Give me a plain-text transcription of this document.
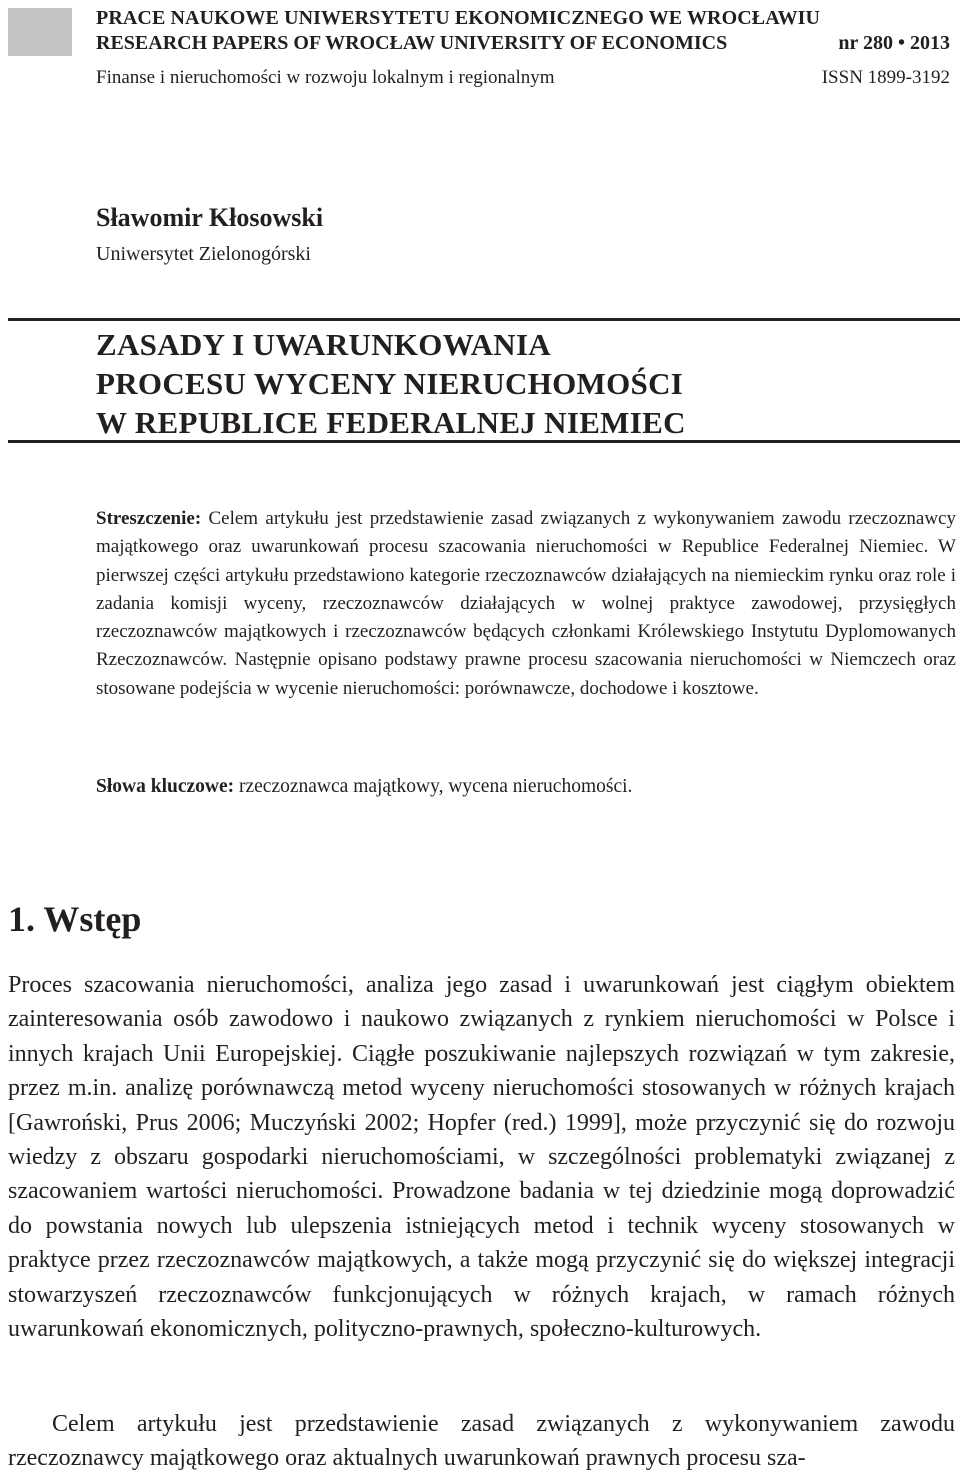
PRACE NAUKOWE UNIWERSYTETU EKONOMICZNEGO WE WROCŁAWIU
RESEARCH PAPERS OF WROCŁAW UNIVERSITY OF ECONOMICS	nr 280 • 2013
Finanse i nieruchomości w rozwoju lokalnym i regionalnym	ISSN 1899-3192
Sławomir Kłosowski
Uniwersytet Zielonogórski
ZASADY I UWARUNKOWANIA
PROCESU WYCENY NIERUCHOMOŚCI
W REPUBLICE FEDERALNEJ NIEMIEC

Streszczenie: Celem artykułu jest przedstawienie zasad związanych z wykonywaniem zawodu rzeczoznawcy majątkowego oraz uwarunkowań procesu szacowania nieruchomości w Republice Federalnej Niemiec. W pierwszej części artykułu przedstawiono kategorie rzeczoznawców działających na niemieckim rynku oraz role i zadania komisji wyceny, rzeczoznawców działających w wolnej praktyce zawodowej, przysięgłych rzeczoznawców majątkowych i rzeczoznawców będących członkami Królewskiego Instytutu Dyplomowanych Rzeczoznawców. Następnie opisano podstawy prawne procesu szacowania nieruchomości w Niemczech oraz stosowane podejścia w wycenie nieruchomości: porównawcze, dochodowe i kosztowe.

Słowa kluczowe: rzeczoznawca majątkowy, wycena nieruchomości.

1. Wstęp

Proces szacowania nieruchomości, analiza jego zasad i uwarunkowań jest ciągłym obiektem zainteresowania osób zawodowo i naukowo związanych z rynkiem nieruchomości w Polsce i innych krajach Unii Europejskiej. Ciągłe poszukiwanie najlepszych rozwiązań w tym zakresie, przez m.in. analizę porównawczą metod wyceny nieruchomości stosowanych w różnych krajach [Gawroński, Prus 2006; Muczyński 2002; Hopfer (red.) 1999], może przyczynić się do rozwoju wiedzy z obszaru gospodarki nieruchomościami, w szczególności problematyki związanej z szacowaniem wartości nieruchomości. Prowadzone badania w tej dziedzinie mogą doprowadzić do powstania nowych lub ulepszenia istniejących metod i technik wyceny stosowanych w praktyce przez rzeczoznawców majątkowych, a także mogą przyczynić się do większej integracji stowarzyszeń rzeczoznawców funkcjonujących w różnych krajach, w ramach różnych uwarunkowań ekonomicznych, polityczno-prawnych, społeczno-kulturowych.

Celem artykułu jest przedstawienie zasad związanych z wykonywaniem zawodu rzeczoznawcy majątkowego oraz aktualnych uwarunkowań prawnych procesu sza-
